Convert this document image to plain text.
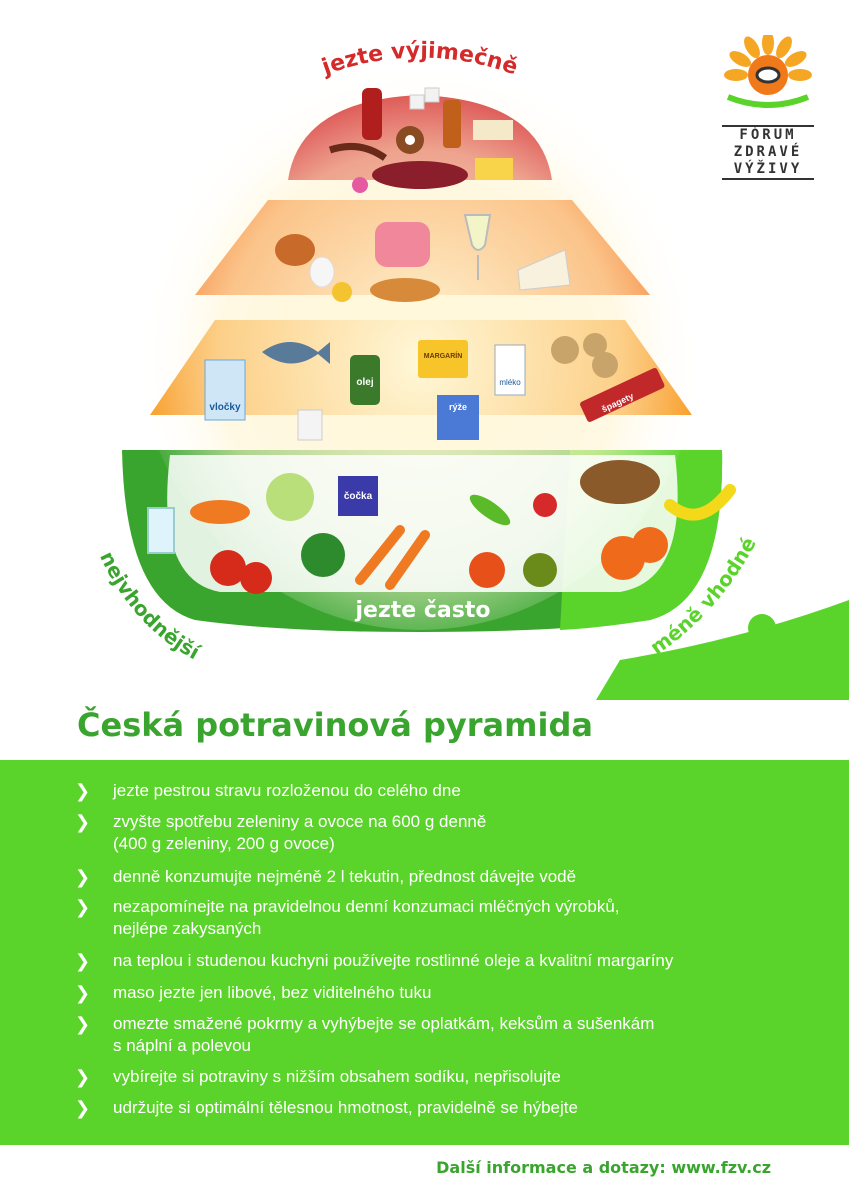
vločky
olej
MARGARÍN
mléko
rýže	špagety
čočka
jezte výjimečně
nejvhodnější	méně vhodné
jezte často
FÓRUM
ZDRAVÉ
VÝŽIVY
Česká potravinová pyramida
❯	jezte pestrou stravu rozloženou do celého dne
❯	zvyšte spotřebu zeleniny a ovoce na 600 g denně
(400 g zeleniny, 200 g ovoce)
❯	denně konzumujte nejméně 2 l tekutin, přednost dávejte vodě
❯	nezapomínejte na pravidelnou denní konzumaci mléčných výrobků,
nejlépe zakysaných
❯	na teplou i studenou kuchyni používejte rostlinné oleje a kvalitní margaríny
❯	maso jezte jen libové, bez viditelného tuku
❯	omezte smažené pokrmy a vyhýbejte se oplatkám, keksům a sušenkám
s náplní a polevou
❯	vybírejte si potraviny s nižším obsahem sodíku, nepřisolujte
❯	udržujte si optimální tělesnou hmotnost, pravidelně se hýbejte
Další informace a dotazy: www.fzv.cz
